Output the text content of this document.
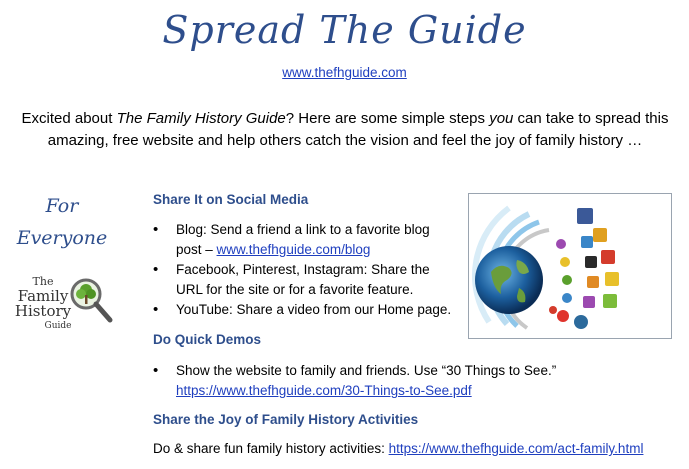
Spread The Guide
www.thefhguide.com
Excited about The Family History Guide? Here are some simple steps you can take to spread this amazing, free website and help others catch the vision and feel the joy of family history …
For
Everyone
The
Family
History
Guide
Share It on Social Media
• Blog: Send a friend a link to a favorite blog post – www.thefhguide.com/blog
• Facebook, Pinterest, Instagram: Share the URL for the site or for a favorite feature.
• YouTube: Share a video from our Home page.
Do Quick Demos
• Show the website to family and friends. Use “30 Things to See.”
https://www.thefhguide.com/30-Things-to-See.pdf
Share the Joy of Family History Activities
Do & share fun family history activities: https://www.thefhguide.com/act-family.html
